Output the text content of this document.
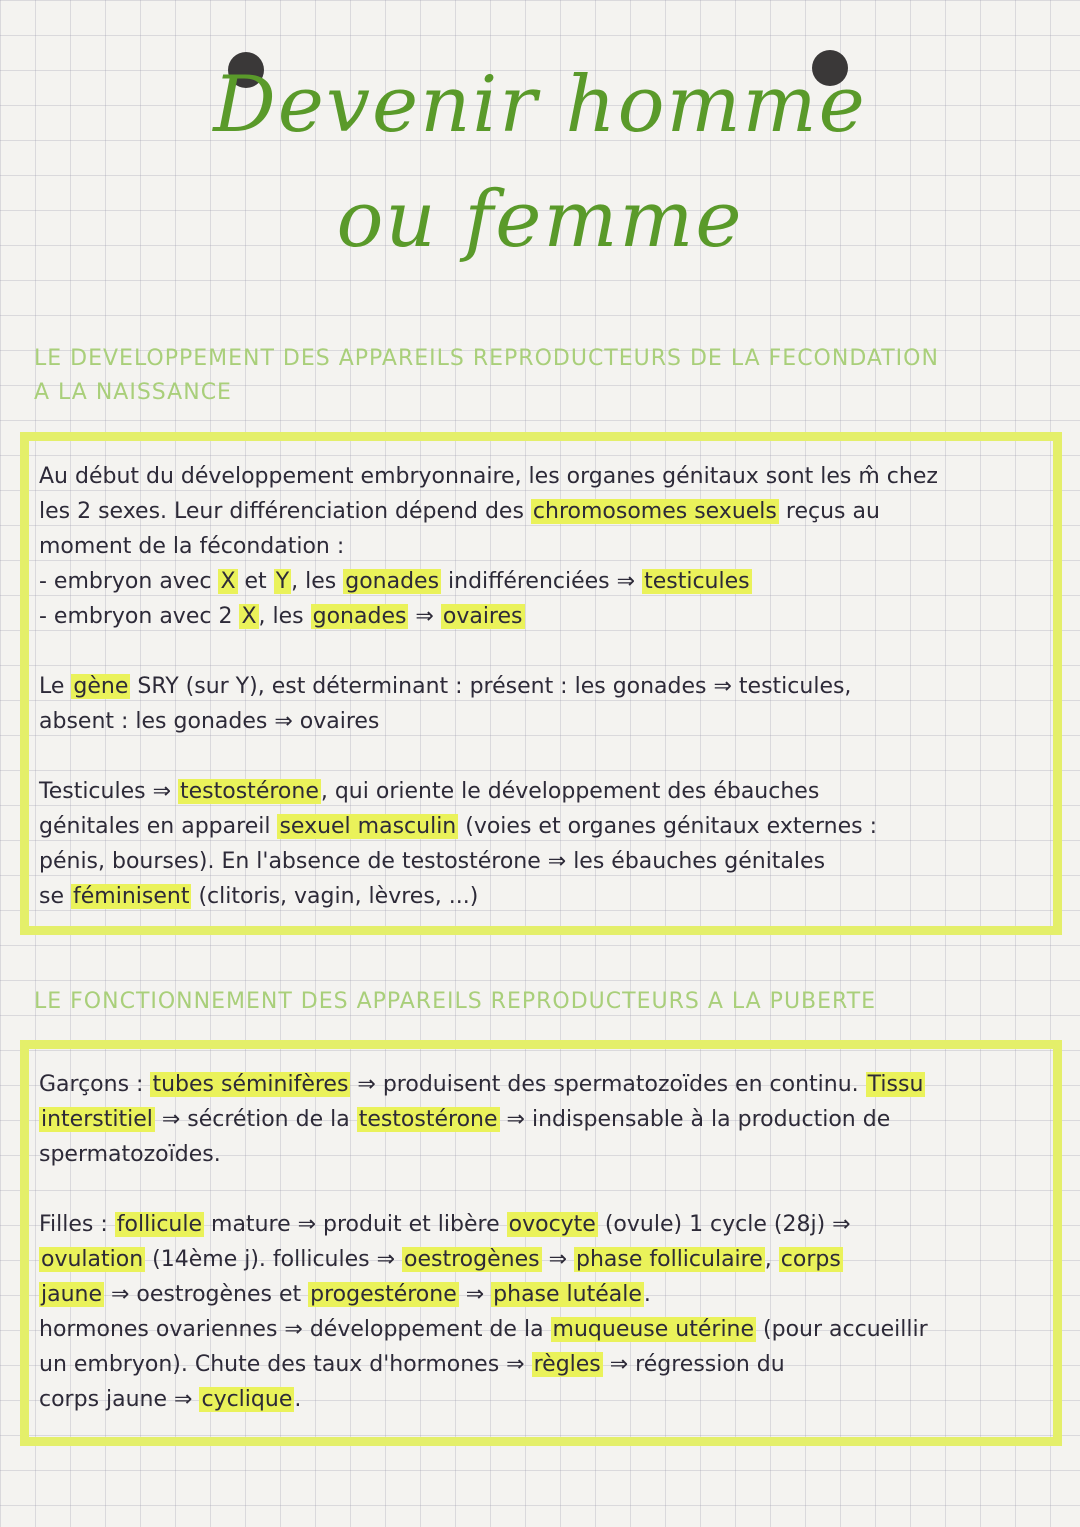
Devenir homme
ou femme
LE DEVELOPPEMENT DES APPAREILS REPRODUCTEURS DE LA FECONDATION
A LA NAISSANCE
Au début du développement embryonnaire, les organes génitaux sont les m̂ chez
les 2 sexes. Leur différenciation dépend des chromosomes sexuels reçus au
moment de la fécondation :
- embryon avec X et Y, les gonades indifférenciées ⇒ testicules
- embryon avec 2 X, les gonades ⇒ ovaires
Le gène SRY (sur Y), est déterminant : présent : les gonades ⇒ testicules,
absent : les gonades ⇒ ovaires
Testicules ⇒ testostérone, qui oriente le développement des ébauches
génitales en appareil sexuel masculin (voies et organes génitaux externes :
pénis, bourses). En l'absence de testostérone ⇒ les ébauches génitales
se féminisent (clitoris, vagin, lèvres, ...)
LE FONCTIONNEMENT DES APPAREILS REPRODUCTEURS A LA PUBERTE
Garçons : tubes séminifères ⇒ produisent des spermatozoïdes en continu. Tissu
interstitiel ⇒ sécrétion de la testostérone ⇒ indispensable à la production de
spermatozoïdes.
Filles : follicule mature ⇒ produit et libère ovocyte (ovule) 1 cycle (28j) ⇒
ovulation (14ème j). follicules ⇒ oestrogènes ⇒ phase folliculaire, corps
jaune ⇒ oestrogènes et progestérone ⇒ phase lutéale.
hormones ovariennes ⇒ développement de la muqueuse utérine (pour accueillir
un embryon). Chute des taux d'hormones ⇒ règles ⇒ régression du
corps jaune ⇒ cyclique.
